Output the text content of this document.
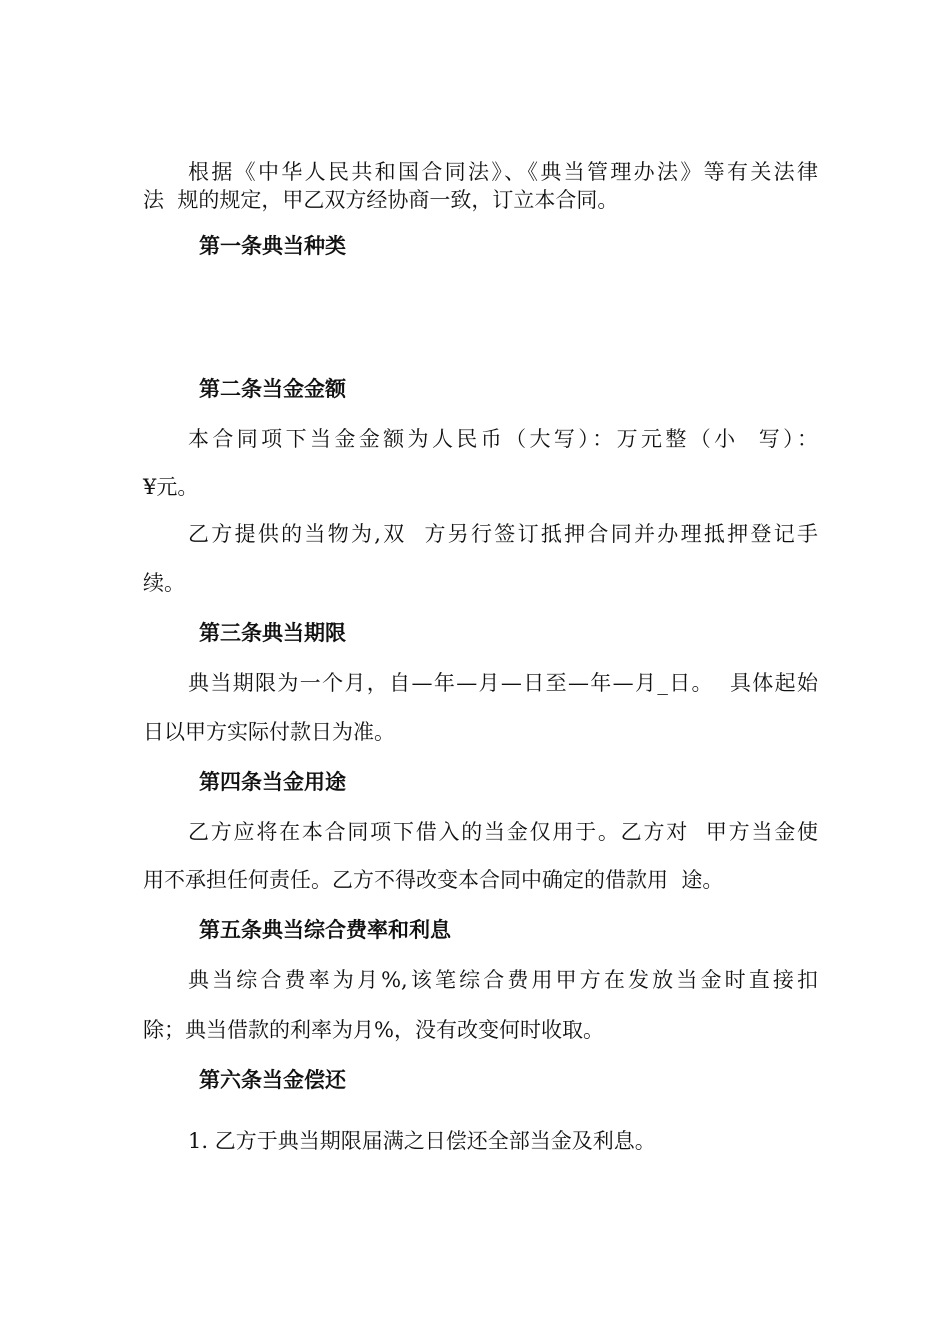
根据《中华人民共和国合同法》、《典当管理办法》等有关法律
法  规的规定，甲乙双方经协商一致，订立本合同。
第一条典当种类
第二条当金金额
本合同项下当金金额为人民币（大写）：万元整（小  写）：
¥元。
乙方提供的当物为,双  方另行签订抵押合同并办理抵押登记手
续。
第三条典当期限
典当期限为一个月，自—年—月—日至—年—月_日。  具体起始
日以甲方实际付款日为准。
第四条当金用途
乙方应将在本合同项下借入的当金仅用于。乙方对  甲方当金使
用不承担任何责任。乙方不得改变本合同中确定的借款用  途。
第五条典当综合费率和利息
典当综合费率为月%,该笔综合费用甲方在发放当金时直接扣
除；典当借款的利率为月%，没有改变何时收取。
第六条当金偿还
1. 乙方于典当期限届满之日偿还全部当金及利息。
